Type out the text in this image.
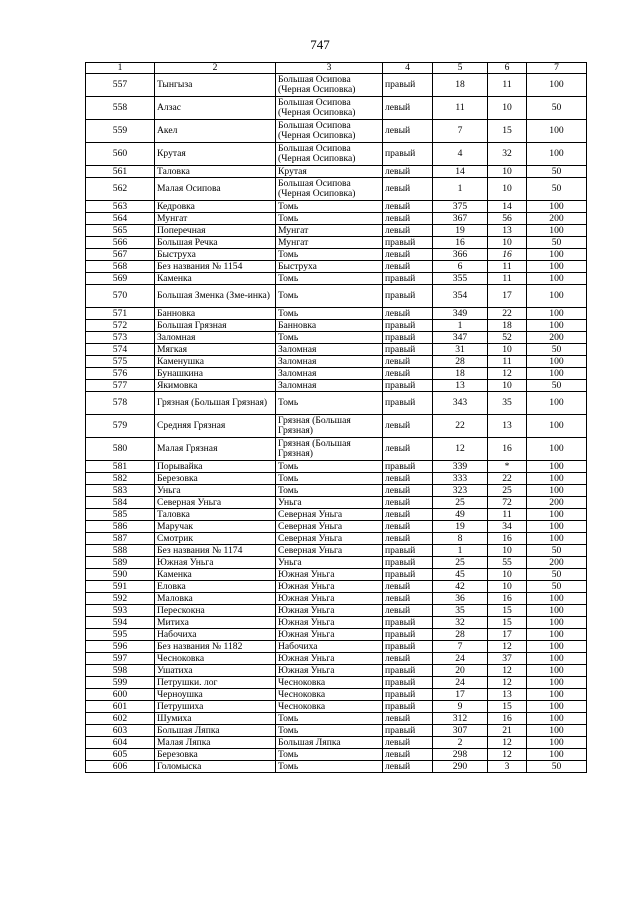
747
1	2	3	4	5	6	7
557	Тынгыза	Большая Осипова (Черная Осиповка)	правый	18	11	100
558	Алзас	Большая Осипова (Черная Осиповка)	левый	11	10	50
559	Акел	Большая Осипова (Черная Осиповка)	левый	7	15	100
560	Крутая	Большая Осипова (Черная Осиповка)	правый	4	32	100
561	Таловка	Крутая	левый	14	10	50
562	Малая Осипова	Большая Осипова (Черная Осиповка)	левый	1	10	50
563	Кедровка	Томь	левый	375	14	100
564	Мунгат	Томь	левый	367	56	200
565	Поперечная	Мунгат	левый	19	13	100
566	Большая Речка	Мунгат	правый	16	10	50
567	Быструха	Томь	левый	366	16	100
568	Без названия № 1154	Быструха	левый	6	11	100
569	Каменка	Томь	правый	355	11	100
570	Большая Зменка (Зме-инка)	Томь	правый	354	17	100
571	Банновка	Томь	левый	349	22	100
572	Большая Грязная	Банновка	правый	1	18	100
573	Заломная	Томь	правый	347	52	200
574	Мягкая	Заломная	правый	31	10	50
575	Каменушка	Заломная	левый	28	11	100
576	Бунашкина	Заломная	левый	18	12	100
577	Якимовка	Заломная	правый	13	10	50
578	Грязная (Большая Грязная)	Томь	правый	343	35	100
579	Средняя Грязная	Грязная (Большая Грязная)	левый	22	13	100
580	Малая Грязная	Грязная (Большая Грязная)	левый	12	16	100
581	Порывайка	Томь	правый	339	*	100
582	Березовка	Томь	левый	333	22	100
583	Уньга	Томь	левый	323	25	100
584	Северная Уньга	Уньга	левый	25	72	200
585	Таловка	Северная Уньга	левый	49	11	100
586	Маручак	Северная Уньга	левый	19	34	100
587	Смотрик	Северная Уньга	левый	8	16	100
588	Без названия № 1174	Северная Уньга	правый	1	10	50
589	Южная Уньга	Уньга	правый	25	55	200
590	Каменка	Южная Уньга	правый	45	10	50
591	Еловка	Южная Уньга	левый	42	10	50
592	Маловка	Южная Уньга	левый	36	16	100
593	Перескокна	Южная Уньга	левый	35	15	100
594	Митиха	Южная Уньга	правый	32	15	100
595	Набочиха	Южная Уньга	правый	28	17	100
596	Без названия № 1182	Набочиха	правый	7	12	100
597	Чесноковка	Южная Уньга	левый	24	37	100
598	Ушатиха	Южная Уньга	правый	20	12	100
599	Петрушки. лог	Чесноковка	правый	24	12	100
600	Черноушка	Чесноковка	правый	17	13	100
601	Петрушиха	Чесноковка	правый	9	15	100
602	Шумиха	Томь	левый	312	16	100
603	Большая Ляпка	Томь	правый	307	21	100
604	Малая Ляпка	Большая Ляпка	левый	2	12	100
605	Березовка	Томь	левый	298	12	100
606	Голомыска	Томь	левый	290	3	50
